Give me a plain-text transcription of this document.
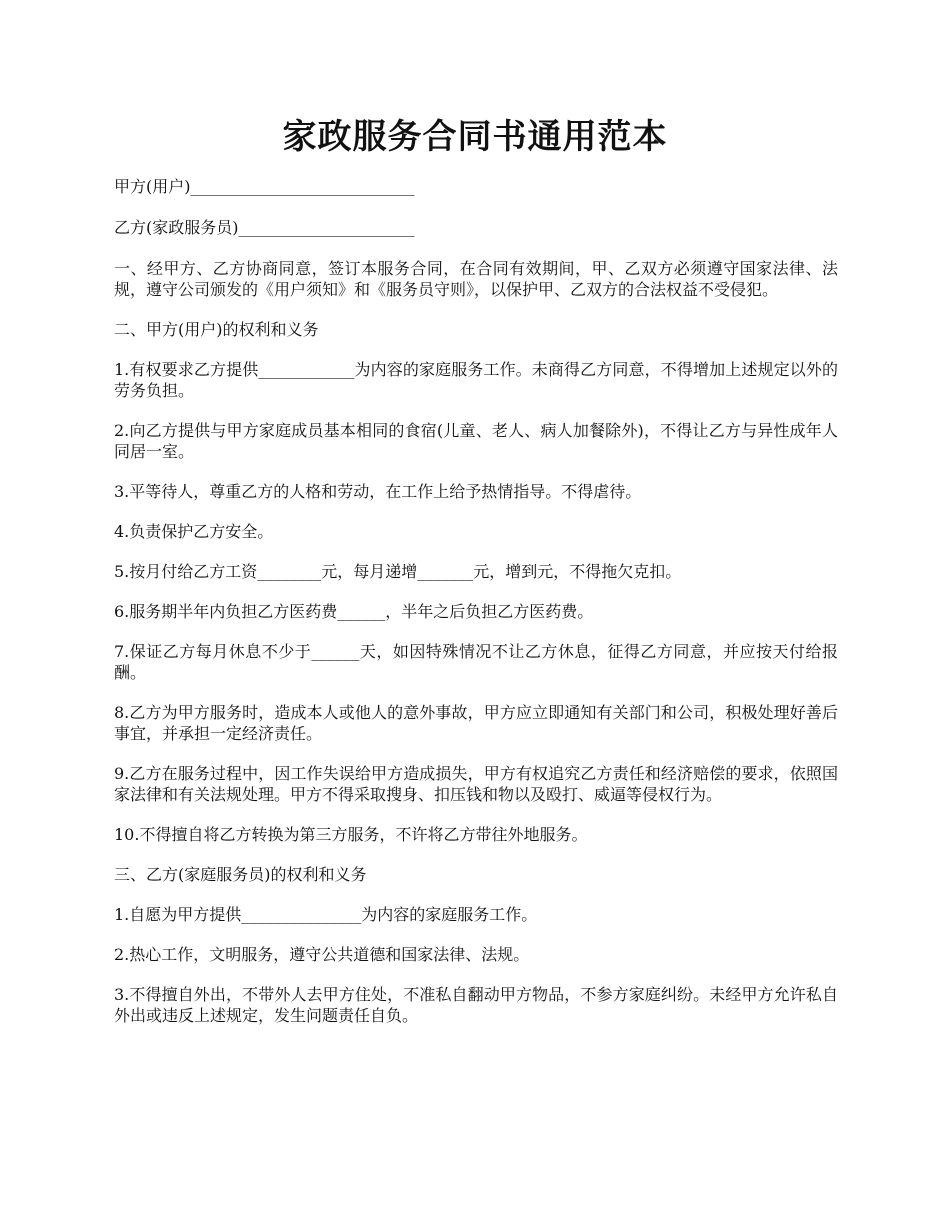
家政服务合同书通用范本

甲方(用户)____________________________

乙方(家政服务员)______________________

一、经甲方、乙方协商同意，签订本服务合同，在合同有效期间，甲、乙双方必须遵守国家法律、法规，遵守公司颁发的《用户须知》和《服务员守则》，以保护甲、乙双方的合法权益不受侵犯。

二、甲方(用户)的权利和义务

1.有权要求乙方提供____________为内容的家庭服务工作。未商得乙方同意，不得增加上述规定以外的劳务负担。

2.向乙方提供与甲方家庭成员基本相同的食宿(儿童、老人、病人加餐除外)，不得让乙方与异性成年人同居一室。

3.平等待人，尊重乙方的人格和劳动，在工作上给予热情指导。不得虐待。

4.负责保护乙方安全。

5.按月付给乙方工资________元，每月递增_______元，增到元，不得拖欠克扣。

6.服务期半年内负担乙方医药费______，半年之后负担乙方医药费。

7.保证乙方每月休息不少于______天，如因特殊情况不让乙方休息，征得乙方同意，并应按天付给报酬。

8.乙方为甲方服务时，造成本人或他人的意外事故，甲方应立即通知有关部门和公司，积极处理好善后事宜，并承担一定经济责任。

9.乙方在服务过程中，因工作失误给甲方造成损失，甲方有权追究乙方责任和经济赔偿的要求，依照国家法律和有关法规处理。甲方不得采取搜身、扣压钱和物以及殴打、威逼等侵权行为。

10.不得擅自将乙方转换为第三方服务，不许将乙方带往外地服务。

三、乙方(家庭服务员)的权利和义务

1.自愿为甲方提供_______________为内容的家庭服务工作。

2.热心工作，文明服务，遵守公共道德和国家法律、法规。

3.不得擅自外出，不带外人去甲方住处，不准私自翻动甲方物品，不参方家庭纠纷。未经甲方允许私自外出或违反上述规定，发生问题责任自负。
